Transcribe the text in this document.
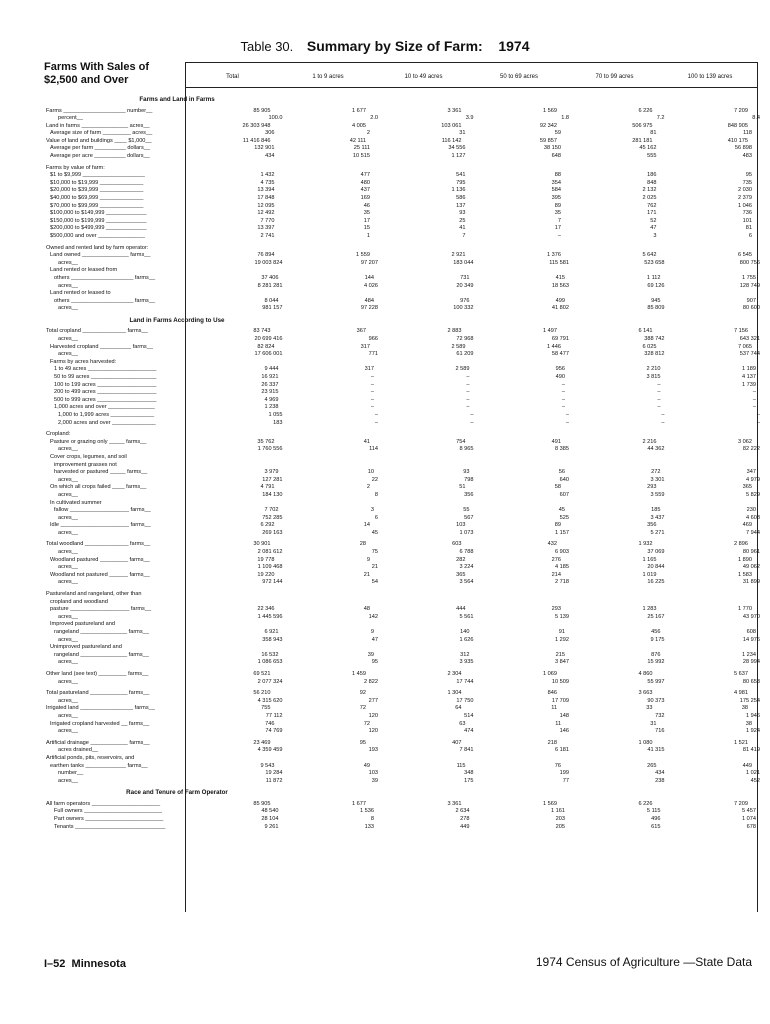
Table 30. Summary by Size of Farm: 1974
Farms With Sales of $2,500 and Over	Total	1 to 9 acres	10 to 49 acres	50 to 69 acres	70 to 99 acres	100 to 139 acres
Farms and Land in Farms
Farms ____________________ number__	85 905	1 677	3 361	1 569	6 226	7 209
percent__	100.0	2.0	3.9	1.8	7.2	8.4
Land in farms _______________ acres__	26 303 948	4 005	103 061	92 342	506 975	848 905
Average size of farm _________ acres__	306	2	31	59	81	118
Value of land and buildings ____ $1,000__	11 416 846	42 111	116 142	59 857	281 181	410 175
Average per farm __________ dollars__	132 901	25 111	34 556	38 150	45 162	56 898
Average per acre __________ dollars__	434	10 515	1 127	648	555	483
Farms by value of farm:
$1 to $9,999 ____________________	1 432	477	541	88	186	95
$10,000 to $19,999 ______________	4 735	480	795	354	848	735
$20,000 to $39,999 ______________	13 394	437	1 136	584	2 132	2 030
$40,000 to $69,999 ______________	17 848	169	586	395	2 025	2 379
$70,000 to $99,999 ______________	12 095	46	137	89	762	1 046
$100,000 to $149,999 _____________	12 492	35	93	35	171	736
$150,000 to $199,999 _____________	7 770	17	25	7	52	101
$200,000 to $499,999 _____________	13 397	15	41	17	47	81
$500,000 and over _______________	2 741	1	7	–	3	6
Owned and rented land by farm operator:
Land owned _______________ farms__	76 894	1 559	2 921	1 376	5 642	6 545
acres__	19 003 824	97 207	183 044	115 581	523 658	800 756
Land rented or leased from
others ____________________ farms__	37 406	144	731	415	1 112	1 755
acres__	8 281 281	4 026	20 349	18 563	69 126	128 749
Land rented or leased to
others ____________________ farms__	8 044	484	976	499	945	907
acres__	981 157	97 228	100 332	41 802	85 809	80 600
Land in Farms According to Use
Total cropland ______________ farms__	83 743	367	2 883	1 497	6 141	7 156
acres__	20 699 416	966	72 968	69 791	388 742	643 321
Harvested cropland __________ farms__	82 824	317	2 589	1 446	6 025	7 065
acres__	17 606 001	771	61 209	58 477	328 812	537 744
Farms by acres harvested:
1 to 49 acres ______________________	9 444	317	2 589	956	2 210	1 189
50 to 99 acres _____________________	16 921	–	–	490	3 815	4 137
100 to 199 acres ___________________	26 337	–	–	–	–	1 739
200 to 499 acres ___________________	23 915	–	–	–	–	–
500 to 999 acres ___________________	4 969	–	–	–	–	–
1,000 acres and over _______________	1 238	–	–	–	–	–
1,000 to 1,999 acres ______________	1 055	–	–	–	–	–
2,000 acres and over ______________	183	–	–	–	–	–
Cropland:
Pasture or grazing only _____ farms__	35 762	41	754	491	2 216	3 062
acres__	1 760 556	114	8 965	8 385	44 362	82 222
Cover crops, legumes, and soil
improvement grasses not
harvested or pastured _____ farms__	3 979	10	93	56	272	347
acres__	127 281	22	798	640	3 301	4 979
On which all crops failed ____ farms__	4 791	2	51	58	293	365
acres__	184 130	8	356	607	3 559	5 829
In cultivated summer
fallow ___________________ farms__	7 702	3	55	45	185	230
acres__	752 285	6	567	525	3 437	4 603
Idle ______________________ farms__	6 292	14	103	89	356	469
acres__	269 163	45	1 073	1 157	5 271	7 944
Total woodland ______________ farms__	30 901	28	603	432	1 932	2 896
acres__	2 081 612	75	6 788	6 903	37 069	80 961
Woodland pastured _________ farms__	19 778	9	282	276	1 165	1 890
acres__	1 109 468	21	3 224	4 185	20 844	49 062
Woodland not pastured ______ farms__	19 220	21	365	214	1 019	1 583
acres__	972 144	54	3 564	2 718	16 225	31 899
Pastureland and rangeland, other than
cropland and woodland
pasture ___________________ farms__	22 346	48	444	293	1 283	1 770
acres__	1 445 596	142	5 561	5 139	25 167	43 970
Improved pastureland and
rangeland _______________ farms__	6 921	9	140	91	456	608
acres__	358 943	47	1 626	1 292	9 175	14 976
Unimproved pastureland and
rangeland _______________ farms__	16 532	39	312	215	876	1 234
acres__	1 086 653	95	3 935	3 847	15 992	28 994
Other land (see text) _________ farms__	69 521	1 459	2 304	1 069	4 860	5 637
acres__	2 077 324	2 822	17 744	10 509	55 997	80 653
Total pastureland ____________ farms__	56 210	92	1 304	846	3 663	4 981
acres__	4 315 620	277	17 750	17 709	90 373	175 254
Irrigated land _________________ farms__	755	72	64	11	33	38
acres__	77 112	120	514	148	732	1 946
Irrigated cropland harvested __ farms__	746	72	63	11	31	38
acres__	74 769	120	474	146	716	1 924
Artificial drainage ____________ farms__	23 469	95	407	218	1 080	1 521
acres drained__	4 359 459	193	7 841	6 181	41 315	81 419
Artificial ponds, pits, reservoirs, and
earthen tanks _____________ farms__	9 543	49	115	76	265	449
number__	19 284	103	348	199	434	1 021
acres__	11 872	39	175	77	238	452
Race and Tenure of Farm Operator
All farm operators ______________________	85 905	1 677	3 361	1 569	6 226	7 209
Full owners _________________________	48 540	1 536	2 634	1 161	5 115	5 457
Part owners _________________________	28 104	8	278	203	496	1 074
Tenants _____________________________	9 261	133	449	205	615	678
I–52 Minnesota	1974 Census of Agriculture —State Data
